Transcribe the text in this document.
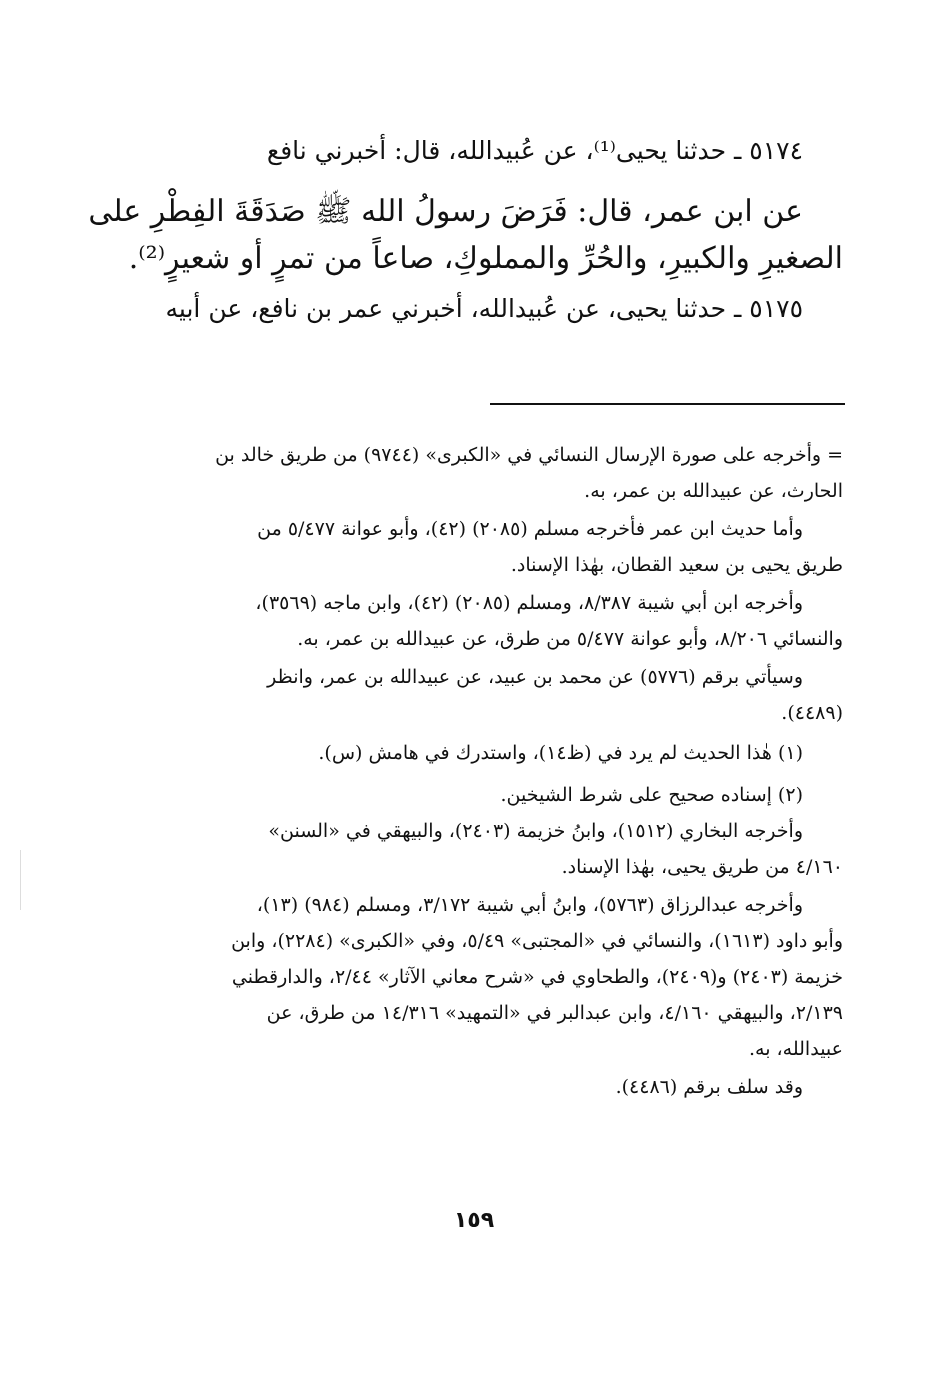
٥١٧٤ ـ حدثنا يحيى⁽¹⁾، عن عُبيدالله، قال: أخبرني نافع
عن ابن عمر، قال: فَرَضَ رسولُ الله ﷺ صَدَقَةَ الفِطْرِ على
الصغيرِ والكبيرِ، والحُرِّ والمملوكِ، صاعاً من تمرٍ أو شعيرٍ⁽²⁾.
٥١٧٥ ـ حدثنا يحيى، عن عُبيدالله، أخبرني عمر بن نافع، عن أبيه
= وأخرجه على صورة الإرسال النسائي في «الكبرى» (٩٧٤٤) من طريق خالد بن
الحارث، عن عبيدالله بن عمر، به.
وأما حديث ابن عمر فأخرجه مسلم (٢٠٨٥) (٤٢)، وأبو عوانة ٥/٤٧٧ من
طريق يحيى بن سعيد القطان، بهٰذا الإسناد.
وأخرجه ابن أبي شيبة ٨/٣٨٧، ومسلم (٢٠٨٥) (٤٢)، وابن ماجه (٣٥٦٩)،
والنسائي ٨/٢٠٦، وأبو عوانة ٥/٤٧٧ من طرق، عن عبيدالله بن عمر، به.
وسيأتي برقم (٥٧٧٦) عن محمد بن عبيد، عن عبيدالله بن عمر، وانظر
(٤٤٨٩).
(١) هٰذا الحديث لم يرد في (ظ١٤)، واستدرك في هامش (س).
(٢) إسناده صحيح على شرط الشيخين.
وأخرجه البخاري (١٥١٢)، وابنُ خزيمة (٢٤٠٣)، والبيهقي في «السنن»
٤/١٦٠ من طريق يحيى، بهٰذا الإسناد.
وأخرجه عبدالرزاق (٥٧٦٣)، وابنُ أبي شيبة ٣/١٧٢، ومسلم (٩٨٤) (١٣)،
وأبو داود (١٦١٣)، والنسائي في «المجتبى» ٥/٤٩، وفي «الكبرى» (٢٢٨٤)، وابن
خزيمة (٢٤٠٣) و(٢٤٠٩)، والطحاوي في «شرح معاني الآثار» ٢/٤٤، والدارقطني
٢/١٣٩، والبيهقي ٤/١٦٠، وابن عبدالبر في «التمهيد» ١٤/٣١٦ من طرق، عن
عبيدالله، به.
وقد سلف برقم (٤٤٨٦).
١٥٩
